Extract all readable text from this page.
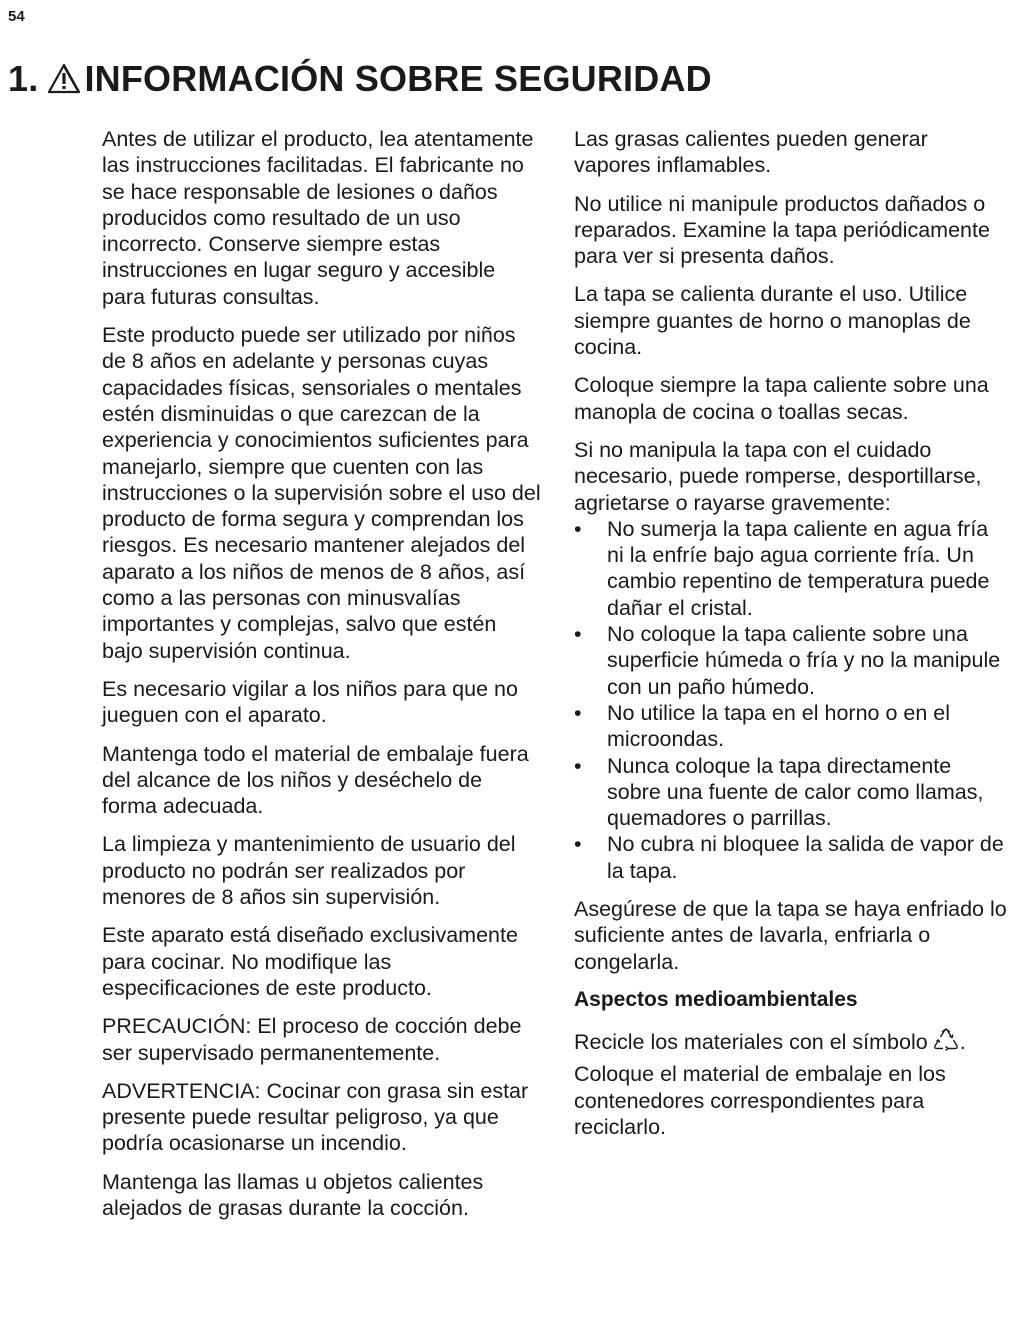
54
1. INFORMACIÓN SOBRE SEGURIDAD

Antes de utilizar el producto, lea atentamente las instrucciones facilitadas. El fabricante no se hace responsable de lesiones o daños producidos como resultado de un uso incorrecto. Conserve siempre estas instrucciones en lugar seguro y accesible para futuras consultas.

Este producto puede ser utilizado por niños de 8 años en adelante y personas cuyas capacidades físicas, sensoriales o mentales estén disminuidas o que carezcan de la experiencia y conocimientos suficientes para manejarlo, siempre que cuenten con las instrucciones o la supervisión sobre el uso del producto de forma segura y comprendan los riesgos. Es necesario mantener alejados del aparato a los niños de menos de 8 años, así como a las personas con minusvalías importantes y complejas, salvo que estén bajo supervisión continua.

Es necesario vigilar a los niños para que no jueguen con el aparato.

Mantenga todo el material de embalaje fuera del alcance de los niños y deséchelo de forma adecuada.

La limpieza y mantenimiento de usuario del producto no podrán ser realizados por menores de 8 años sin supervisión.

Este aparato está diseñado exclusivamente para cocinar. No modifique las especificaciones de este producto.

PRECAUCIÓN: El proceso de cocción debe ser supervisado permanentemente.

ADVERTENCIA: Cocinar con grasa sin estar presente puede resultar peligroso, ya que podría ocasionarse un incendio.

Mantenga las llamas u objetos calientes alejados de grasas durante la cocción.

Las grasas calientes pueden generar vapores inflamables.

No utilice ni manipule productos dañados o reparados. Examine la tapa periódicamente para ver si presenta daños.

La tapa se calienta durante el uso. Utilice siempre guantes de horno o manoplas de cocina.

Coloque siempre la tapa caliente sobre una manopla de cocina o toallas secas.

Si no manipula la tapa con el cuidado necesario, puede romperse, desportillarse, agrietarse o rayarse gravemente:

• No sumerja la tapa caliente en agua fría ni la enfríe bajo agua corriente fría. Un cambio repentino de temperatura puede dañar el cristal.
• No coloque la tapa caliente sobre una superficie húmeda o fría y no la manipule con un paño húmedo.
• No utilice la tapa en el horno o en el microondas.
• Nunca coloque la tapa directamente sobre una fuente de calor como llamas, quemadores o parrillas.
• No cubra ni bloquee la salida de vapor de la tapa.

Asegúrese de que la tapa se haya enfriado lo suficiente antes de lavarla, enfriarla o congelarla.

Aspectos medioambientales

Recicle los materiales con el símbolo . Coloque el material de embalaje en los contenedores correspondientes para reciclarlo.
